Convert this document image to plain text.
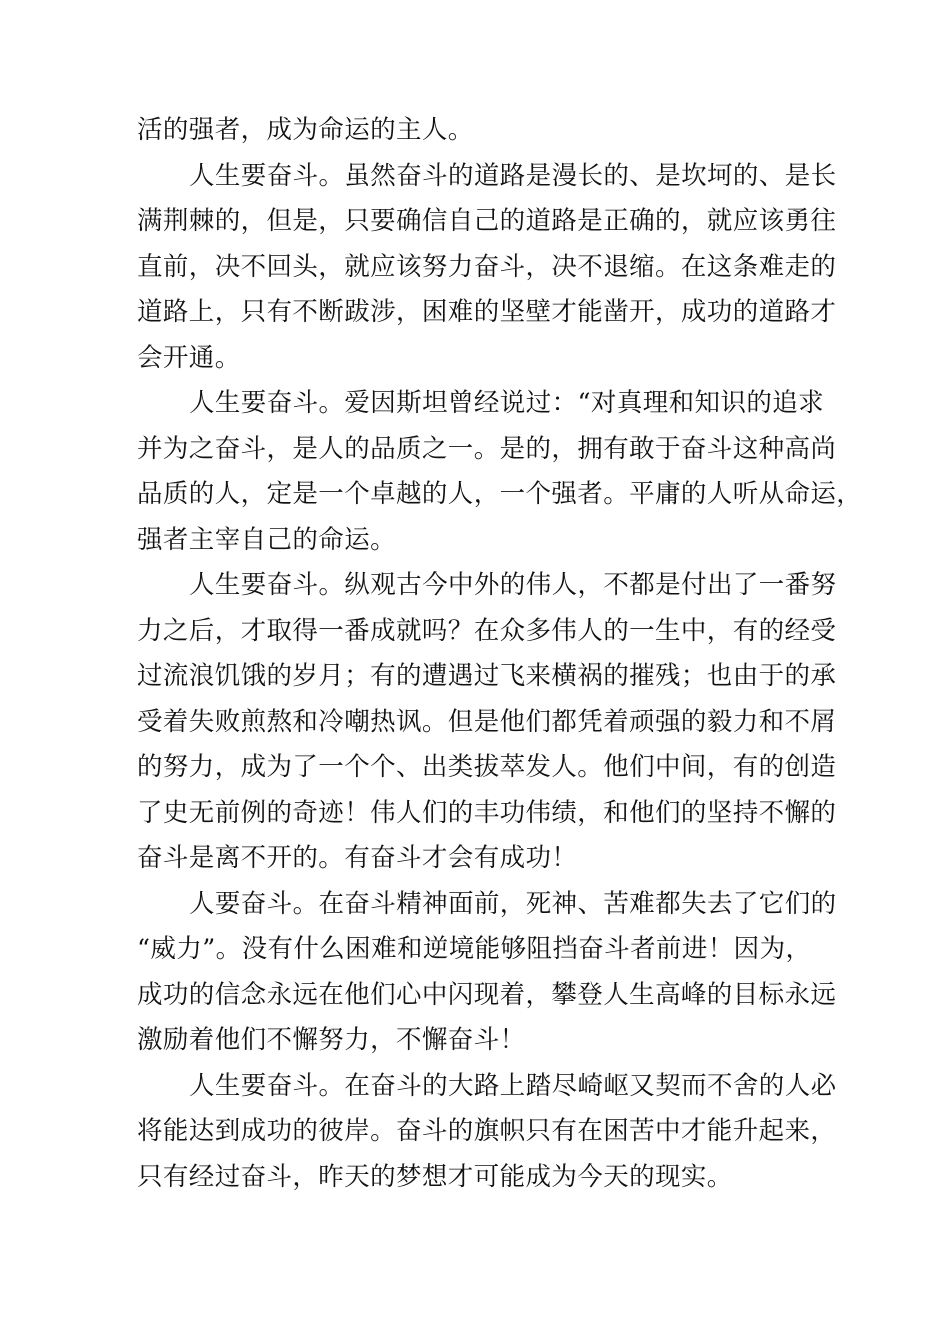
活的强者，成为命运的主人。
人生要奋斗。虽然奋斗的道路是漫长的、是坎坷的、是长
满荆棘的，但是，只要确信自己的道路是正确的，就应该勇往
直前，决不回头，就应该努力奋斗，决不退缩。在这条难走的
道路上，只有不断跋涉，困难的坚壁才能凿开，成功的道路才
会开通。
人生要奋斗。爱因斯坦曾经说过：“对真理和知识的追求
并为之奋斗，是人的品质之一。是的，拥有敢于奋斗这种高尚
品质的人，定是一个卓越的人，一个强者。平庸的人听从命运，
强者主宰自己的命运。
人生要奋斗。纵观古今中外的伟人，不都是付出了一番努
力之后，才取得一番成就吗？在众多伟人的一生中，有的经受
过流浪饥饿的岁月；有的遭遇过飞来横祸的摧残；也由于的承
受着失败煎熬和冷嘲热讽。但是他们都凭着顽强的毅力和不屑
的努力，成为了一个个、出类拔萃发人。他们中间，有的创造
了史无前例的奇迹！伟人们的丰功伟绩，和他们的坚持不懈的
奋斗是离不开的。有奋斗才会有成功！
人要奋斗。在奋斗精神面前，死神、苦难都失去了它们的
“威力”。没有什么困难和逆境能够阻挡奋斗者前进！因为，
成功的信念永远在他们心中闪现着，攀登人生高峰的目标永远
激励着他们不懈努力，不懈奋斗！
人生要奋斗。在奋斗的大路上踏尽崎岖又契而不舍的人必
将能达到成功的彼岸。奋斗的旗帜只有在困苦中才能升起来，
只有经过奋斗，昨天的梦想才可能成为今天的现实。
